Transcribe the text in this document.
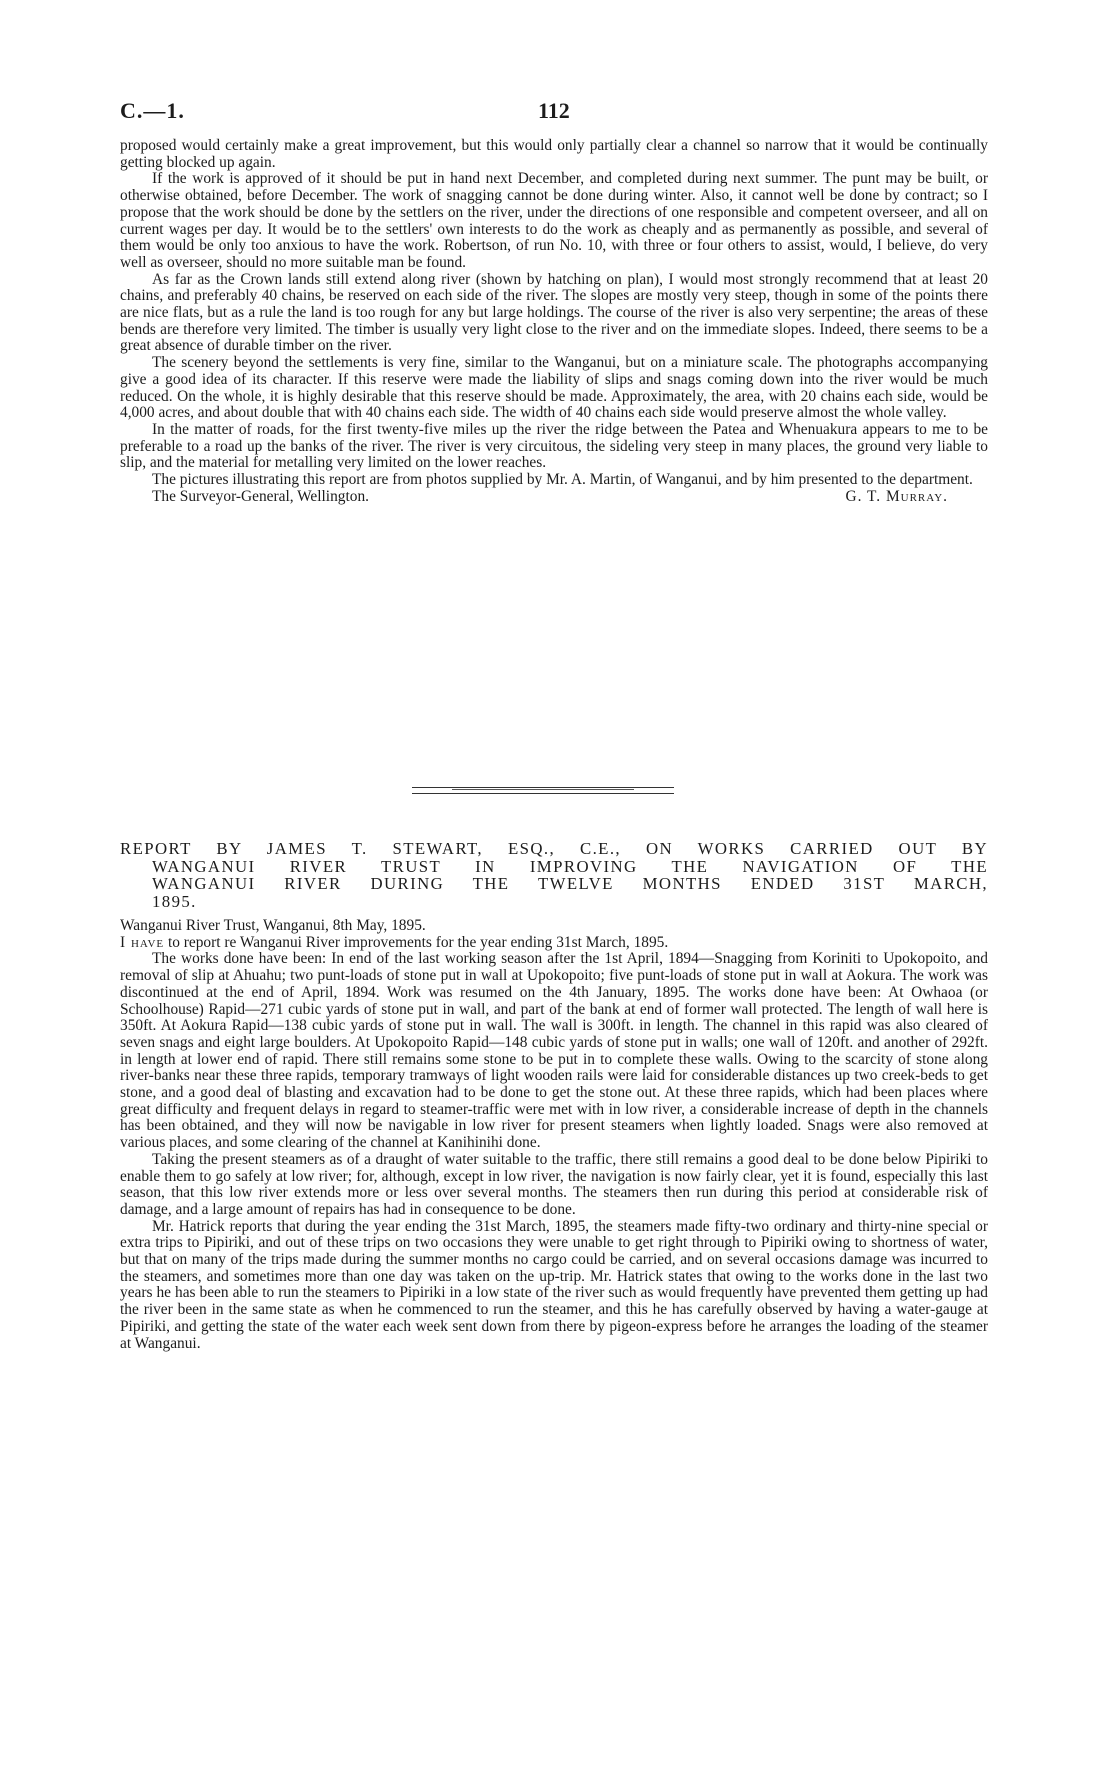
C.—1.	112

proposed would certainly make a great improvement, but this would only partially clear a channel so narrow that it would be continually getting blocked up again.

If the work is approved of it should be put in hand next December, and completed during next summer. The punt may be built, or otherwise obtained, before December. The work of snagging cannot be done during winter. Also, it cannot well be done by contract; so I propose that the work should be done by the settlers on the river, under the directions of one responsible and competent overseer, and all on current wages per day. It would be to the settlers' own interests to do the work as cheaply and as permanently as possible, and several of them would be only too anxious to have the work. Robertson, of run No. 10, with three or four others to assist, would, I believe, do very well as overseer, should no more suitable man be found.

As far as the Crown lands still extend along river (shown by hatching on plan), I would most strongly recommend that at least 20 chains, and preferably 40 chains, be reserved on each side of the river. The slopes are mostly very steep, though in some of the points there are nice flats, but as a rule the land is too rough for any but large holdings. The course of the river is also very serpentine; the areas of these bends are therefore very limited. The timber is usually very light close to the river and on the immediate slopes. Indeed, there seems to be a great absence of durable timber on the river.

The scenery beyond the settlements is very fine, similar to the Wanganui, but on a miniature scale. The photographs accompanying give a good idea of its character. If this reserve were made the liability of slips and snags coming down into the river would be much reduced. On the whole, it is highly desirable that this reserve should be made. Approximately, the area, with 20 chains each side, would be 4,000 acres, and about double that with 40 chains each side. The width of 40 chains each side would preserve almost the whole valley.

In the matter of roads, for the first twenty-five miles up the river the ridge between the Patea and Whenuakura appears to me to be preferable to a road up the banks of the river. The river is very circuitous, the sideling very steep in many places, the ground very liable to slip, and the material for metalling very limited on the lower reaches.

The pictures illustrating this report are from photos supplied by Mr. A. Martin, of Wanganui, and by him presented to the department.

The Surveyor-General, Wellington.	G. T. Murray.
REPORT BY JAMES T. STEWART, ESQ., C.E., ON WORKS CARRIED OUT BY
WANGANUI RIVER TRUST IN IMPROVING THE NAVIGATION OF THE
WANGANUI RIVER DURING THE TWELVE MONTHS ENDED 31ST MARCH,
1895.

Wanganui River Trust, Wanganui, 8th May, 1895.

I have to report re Wanganui River improvements for the year ending 31st March, 1895.

The works done have been: In end of the last working season after the 1st April, 1894—Snagging from Koriniti to Upokopoito, and removal of slip at Ahuahu; two punt-loads of stone put in wall at Upokopoito; five punt-loads of stone put in wall at Aokura. The work was discontinued at the end of April, 1894. Work was resumed on the 4th January, 1895. The works done have been: At Owhaoa (or Schoolhouse) Rapid—271 cubic yards of stone put in wall, and part of the bank at end of former wall protected. The length of wall here is 350ft. At Aokura Rapid—138 cubic yards of stone put in wall. The wall is 300ft. in length. The channel in this rapid was also cleared of seven snags and eight large boulders. At Upokopoito Rapid—148 cubic yards of stone put in walls; one wall of 120ft. and another of 292ft. in length at lower end of rapid. There still remains some stone to be put in to complete these walls. Owing to the scarcity of stone along river-banks near these three rapids, temporary tramways of light wooden rails were laid for considerable distances up two creek-beds to get stone, and a good deal of blasting and excavation had to be done to get the stone out. At these three rapids, which had been places where great difficulty and frequent delays in regard to steamer-traffic were met with in low river, a considerable increase of depth in the channels has been obtained, and they will now be navigable in low river for present steamers when lightly loaded. Snags were also removed at various places, and some clearing of the channel at Kanihinihi done.

Taking the present steamers as of a draught of water suitable to the traffic, there still remains a good deal to be done below Pipiriki to enable them to go safely at low river; for, although, except in low river, the navigation is now fairly clear, yet it is found, especially this last season, that this low river extends more or less over several months. The steamers then run during this period at considerable risk of damage, and a large amount of repairs has had in consequence to be done.

Mr. Hatrick reports that during the year ending the 31st March, 1895, the steamers made fifty-two ordinary and thirty-nine special or extra trips to Pipiriki, and out of these trips on two occasions they were unable to get right through to Pipiriki owing to shortness of water, but that on many of the trips made during the summer months no cargo could be carried, and on several occasions damage was incurred to the steamers, and sometimes more than one day was taken on the up-trip. Mr. Hatrick states that owing to the works done in the last two years he has been able to run the steamers to Pipiriki in a low state of the river such as would frequently have prevented them getting up had the river been in the same state as when he commenced to run the steamer, and this he has carefully observed by having a water-gauge at Pipiriki, and getting the state of the water each week sent down from there by pigeon-express before he arranges the loading of the steamer at Wanganui.
